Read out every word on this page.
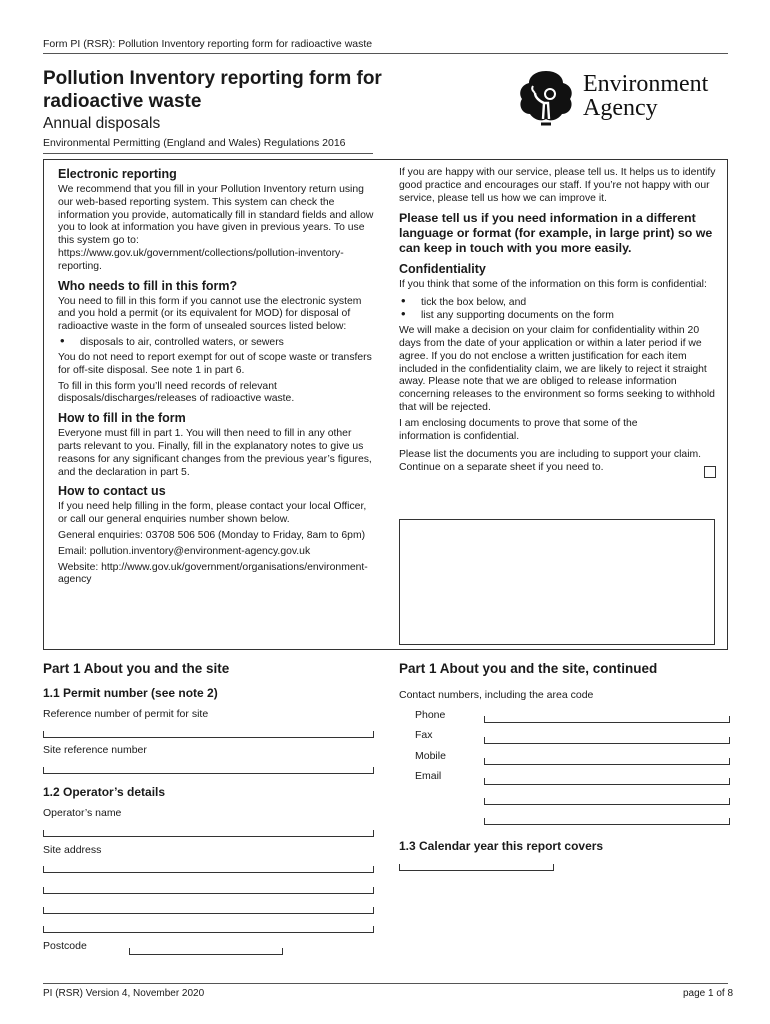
Form PI (RSR): Pollution Inventory reporting form for radioactive waste
Pollution Inventory reporting form for
radioactive waste
Annual disposals
Environmental Permitting (England and Wales) Regulations 2016
Environment
Agency
Electronic reporting
We recommend that you fill in your Pollution Inventory return using our web-based reporting system. This system can check the information you provide, automatically fill in standard fields and allow you to look at information you have given in previous years. To use this system go to: https://www.gov.uk/government/collections/pollution-inventory-reporting.
Who needs to fill in this form?
You need to fill in this form if you cannot use the electronic system and you hold a permit (or its equivalent for MOD) for disposal of radioactive waste in the form of unsealed sources listed below:
• disposals to air, controlled waters, or sewers
You do not need to report exempt for out of scope waste or transfers for off-site disposal. See note 1 in part 6.
To fill in this form you’ll need records of relevant disposals/discharges/releases of radioactive waste.
How to fill in the form
Everyone must fill in part 1. You will then need to fill in any other parts relevant to you. Finally, fill in the explanatory notes to give us reasons for any significant changes from the previous year’s figures, and the declaration in part 5.
How to contact us
If you need help filling in the form, please contact your local Officer, or call our general enquiries number shown below.
General enquiries: 03708 506 506 (Monday to Friday, 8am to 6pm)
Email: pollution.inventory@environment-agency.gov.uk
Website: http://www.gov.uk/government/organisations/environment-agency
If you are happy with our service, please tell us. It helps us to identify good practice and encourages our staff. If you’re not happy with our service, please tell us how we can improve it.
Please tell us if you need information in a different language or format (for example, in large print) so we can keep in touch with you more easily.
Confidentiality
If you think that some of the information on this form is confidential:
• tick the box below, and
• list any supporting documents on the form
We will make a decision on your claim for confidentiality within 20 days from the date of your application or within a later period if we agree. If you do not enclose a written justification for each item included in the confidentiality claim, we are likely to reject it straight away. Please note that we are obliged to release information concerning releases to the environment so forms seeking to withhold that will be rejected.
I am enclosing documents to prove that some of the information is confidential.
Please list the documents you are including to support your claim. Continue on a separate sheet if you need to.
Part 1 About you and the site
1.1 Permit number (see note 2)
Reference number of permit for site
Site reference number
1.2 Operator’s details
Operator’s name
Site address
Postcode
Part 1 About you and the site, continued
Contact numbers, including the area code
Phone
Fax
Mobile
Email
1.3 Calendar year this report covers
PI (RSR) Version 4, November 2020	page 1 of 8
